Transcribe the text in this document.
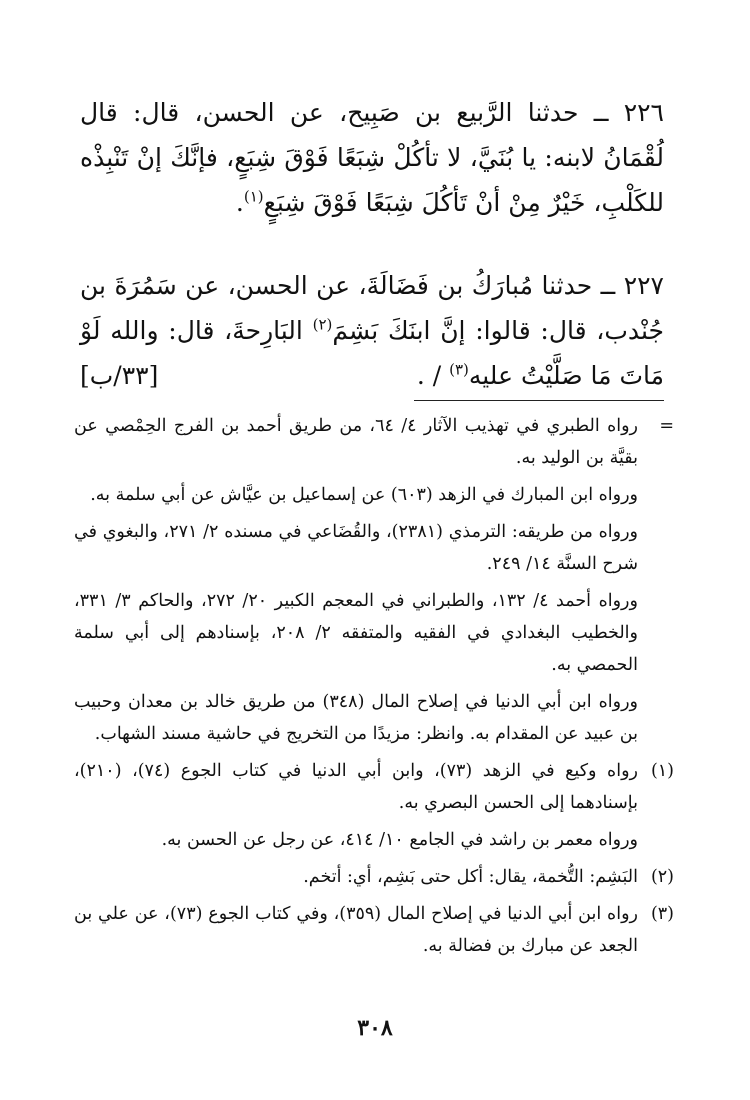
٢٢٦ ــ حدثنا الرَّبيع بن صَبِيح، عن الحسن، قال: قال لُقْمَانُ لابنه: يا بُنَيَّ، لا تأكُلْ شِبَعًا فَوْقَ شِبَعٍ، فإنَّكَ إنْ تَنْبِذْه للكَلْبِ، خَيْرٌ مِنْ أنْ تَأكُلَ شِبَعًا فَوْقَ شِبَعٍ$^{(١)}$.

٢٢٧ ــ حدثنا مُبارَكُ بن فَضَالَةَ، عن الحسن، عن سَمُرَةَ بن جُنْدب، قال: قالوا: إنَّ ابنَكَ بَشِمَ$^{(٢)}$ البَارِحةَ، قال: والله لَوْ مَاتَ مَا صَلَّيْتُ عليه$^{(٣)}$ / .
[٣٣/ب]

=

رواه الطبري في تهذيب الآثار ٤/ ٦٤، من طريق أحمد بن الفرج الحِمْصي عن بقيَّة بن الوليد به.

ورواه ابن المبارك في الزهد (٦٠٣) عن إسماعيل بن عيَّاش عن أبي سلمة به.

ورواه من طريقه: الترمذي (٢٣٨١)، والقُضَاعي في مسنده ٢/ ٢٧١، والبغوي في شرح السنَّة ١٤/ ٢٤٩.

ورواه أحمد ٤/ ١٣٢، والطبراني في المعجم الكبير ٢٠/ ٢٧٢، والحاكم ٣/ ٣٣١، والخطيب البغدادي في الفقيه والمتفقه ٢/ ٢٠٨، بإسنادهم إلى أبي سلمة الحمصي به.

ورواه ابن أبي الدنيا في إصلاح المال (٣٤٨) من طريق خالد بن معدان وحبيب بن عبيد عن المقدام به. وانظر: مزيدًا من التخريج في حاشية مسند الشهاب.

(١)

رواه وكيع في الزهد (٧٣)، وابن أبي الدنيا في كتاب الجوع (٧٤)، (٢١٠)، بإسنادهما إلى الحسن البصري به.

ورواه معمر بن راشد في الجامع ١٠/ ٤١٤، عن رجل عن الحسن به.

(٢)

البَشِم: التُّخمة، يقال: أكل حتى بَشِم، أي: أتخم.

(٣)

رواه ابن أبي الدنيا في إصلاح المال (٣٥٩)، وفي كتاب الجوع (٧٣)، عن علي بن الجعد عن مبارك بن فضالة به.

٣٠٨
